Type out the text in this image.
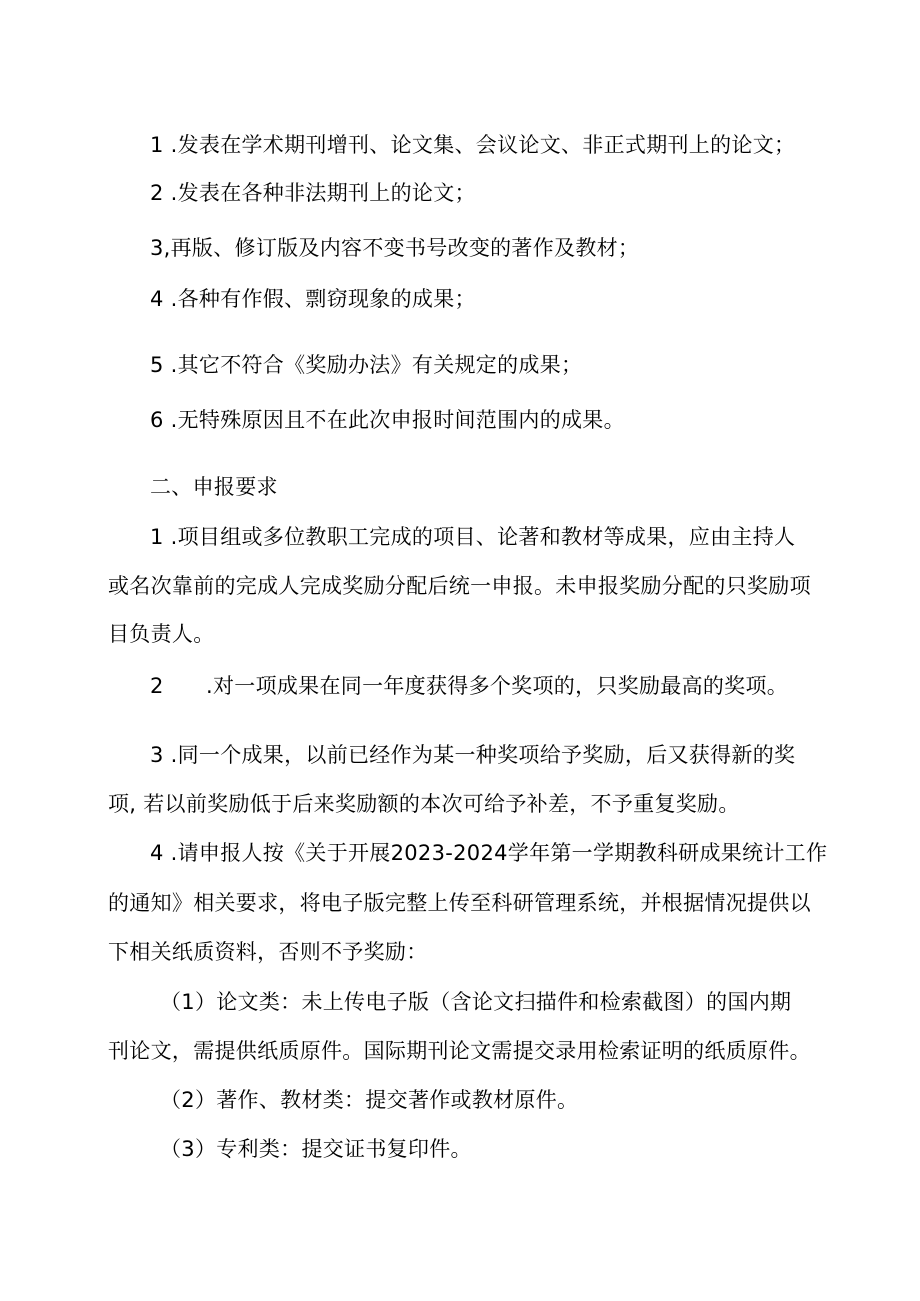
1 .发表在学术期刊增刊、论文集、会议论文、非正式期刊上的论文；
2 .发表在各种非法期刊上的论文；
3,再版、修订版及内容不变书号改变的著作及教材；
4 .各种有作假、剽窃现象的成果；
5 .其它不符合《奖励办法》有关规定的成果；
6 .无特殊原因且不在此次申报时间范围内的成果。
二、申报要求
1 .项目组或多位教职工完成的项目、论著和教材等成果，应由主持人
或名次靠前的完成人完成奖励分配后统一申报。未申报奖励分配的只奖励项
目负责人。
2 .对一项成果在同一年度获得多个奖项的，只奖励最高的奖项。
3 .同一个成果，以前已经作为某一种奖项给予奖励，后又获得新的奖
项, 若以前奖励低于后来奖励额的本次可给予补差，不予重复奖励。
4 .请申报人按《关于开展2023-2024学年第一学期教科研成果统计工作
的通知》相关要求，将电子版完整上传至科研管理系统，并根据情况提供以
下相关纸质资料，否则不予奖励：
（1）论文类：未上传电子版（含论文扫描件和检索截图）的国内期
刊论文，需提供纸质原件。国际期刊论文需提交录用检索证明的纸质原件。
（2）著作、教材类：提交著作或教材原件。
（3）专利类：提交证书复印件。
